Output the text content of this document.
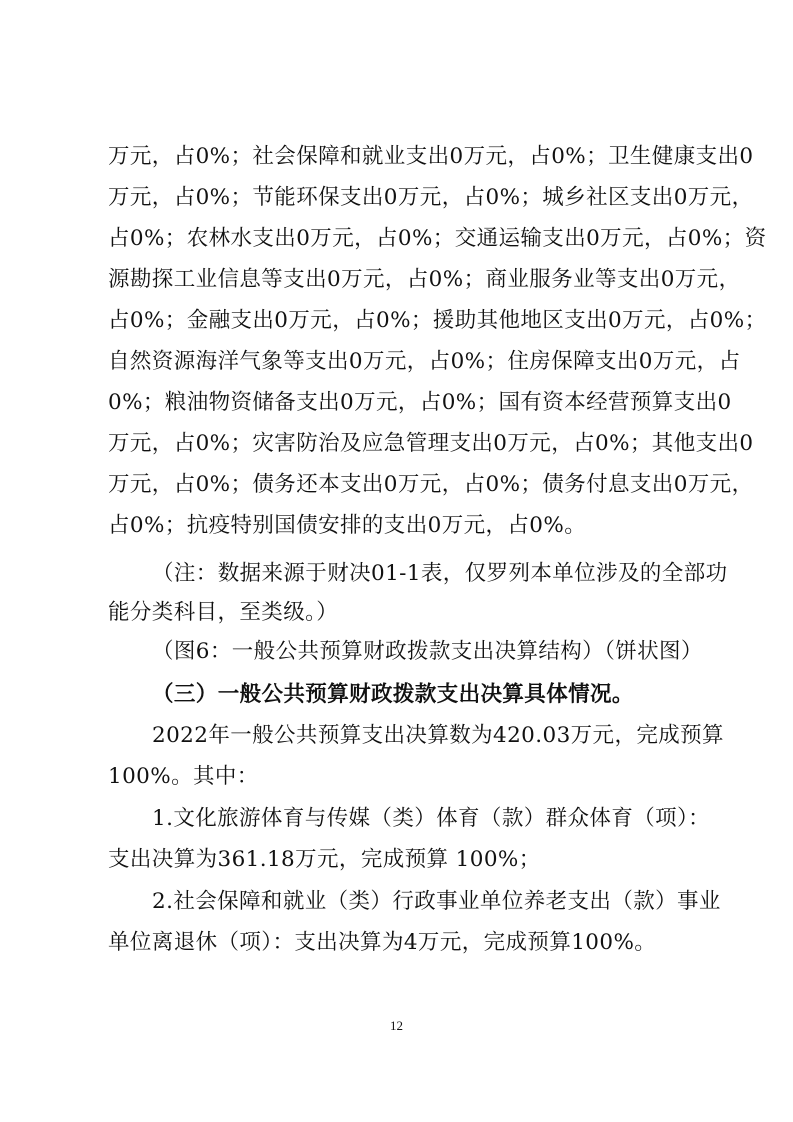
万元，占0%；社会保障和就业支出0万元，占0%；卫生健康支出0
万元，占0%；节能环保支出0万元，占0%；城乡社区支出0万元，
占0%；农林水支出0万元，占0%；交通运输支出0万元，占0%；资
源勘探工业信息等支出0万元，占0%；商业服务业等支出0万元，
占0%；金融支出0万元，占0%；援助其他地区支出0万元，占0%；
自然资源海洋气象等支出0万元，占0%；住房保障支出0万元，占
0%；粮油物资储备支出0万元，占0%；国有资本经营预算支出0
万元，占0%；灾害防治及应急管理支出0万元，占0%；其他支出0
万元，占0%；债务还本支出0万元，占0%；债务付息支出0万元，
占0%；抗疫特别国债安排的支出0万元，占0%。
（注：数据来源于财决01-1表，仅罗列本单位涉及的全部功
能分类科目，至类级。）
（图6：一般公共预算财政拨款支出决算结构）（饼状图）
（三）一般公共预算财政拨款支出决算具体情况。
2022年一般公共预算支出决算数为420.03万元，完成预算
100%。其中：
1.文化旅游体育与传媒（类）体育（款）群众体育（项）：
支出决算为361.18万元，完成预算 100%；
2.社会保障和就业（类）行政事业单位养老支出（款）事业
单位离退休（项）：支出决算为4万元，完成预算100%。
12
